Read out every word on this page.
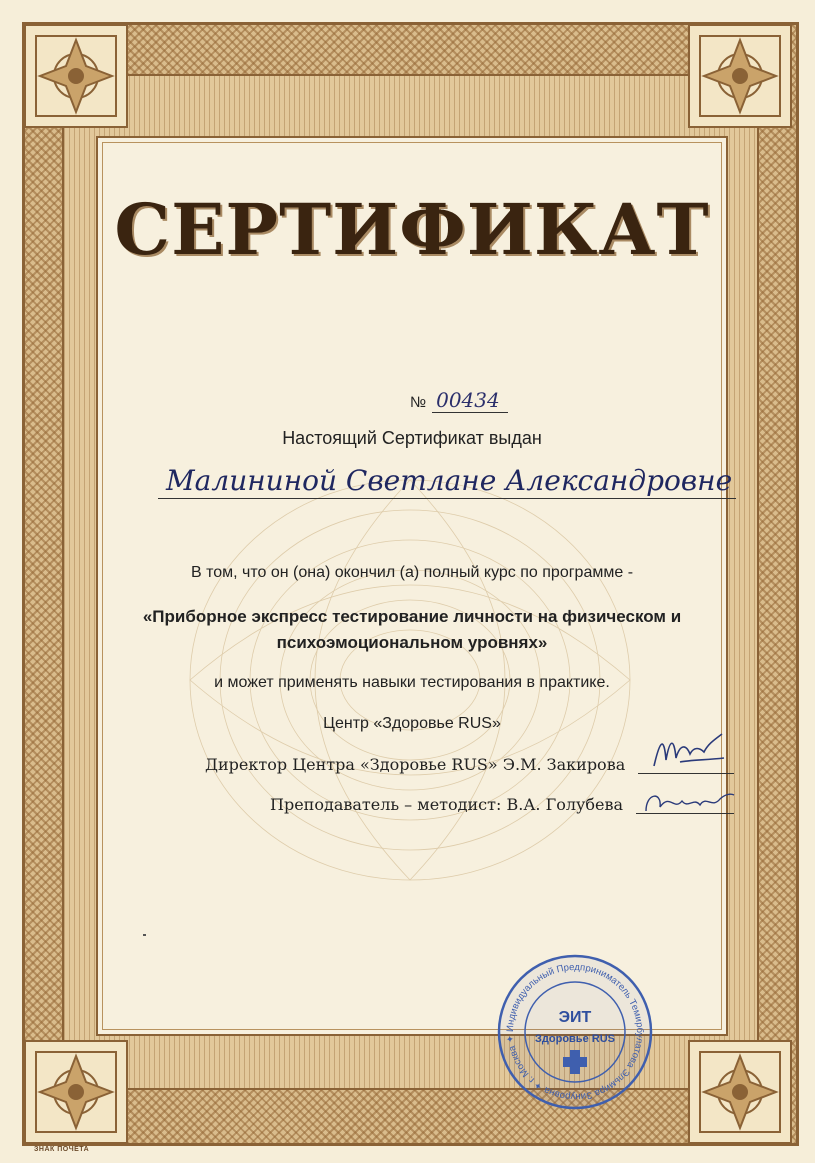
СЕРТИФИКАТ
№ 00434
Настоящий Сертификат выдан
Малининой Светлане Александровне
В том, что он (она) окончил (а) полный курс по программе -
«Приборное экспресс тестирование личности на физическом и
психоэмоциональном уровнях»
и может применять навыки тестирования в практике.
Центр «Здоровье RUS»
Директор Центра «Здоровье RUS» Э.М. Закирова
Преподаватель – методист: В.А. Голубева
Индивидуальный Предприниматель Темирбулатова Эльмира Зинуровна ✦ г. Москва ✦
ЭИТ
Здоровье RUS
ЗНАК ПОЧЕТА
